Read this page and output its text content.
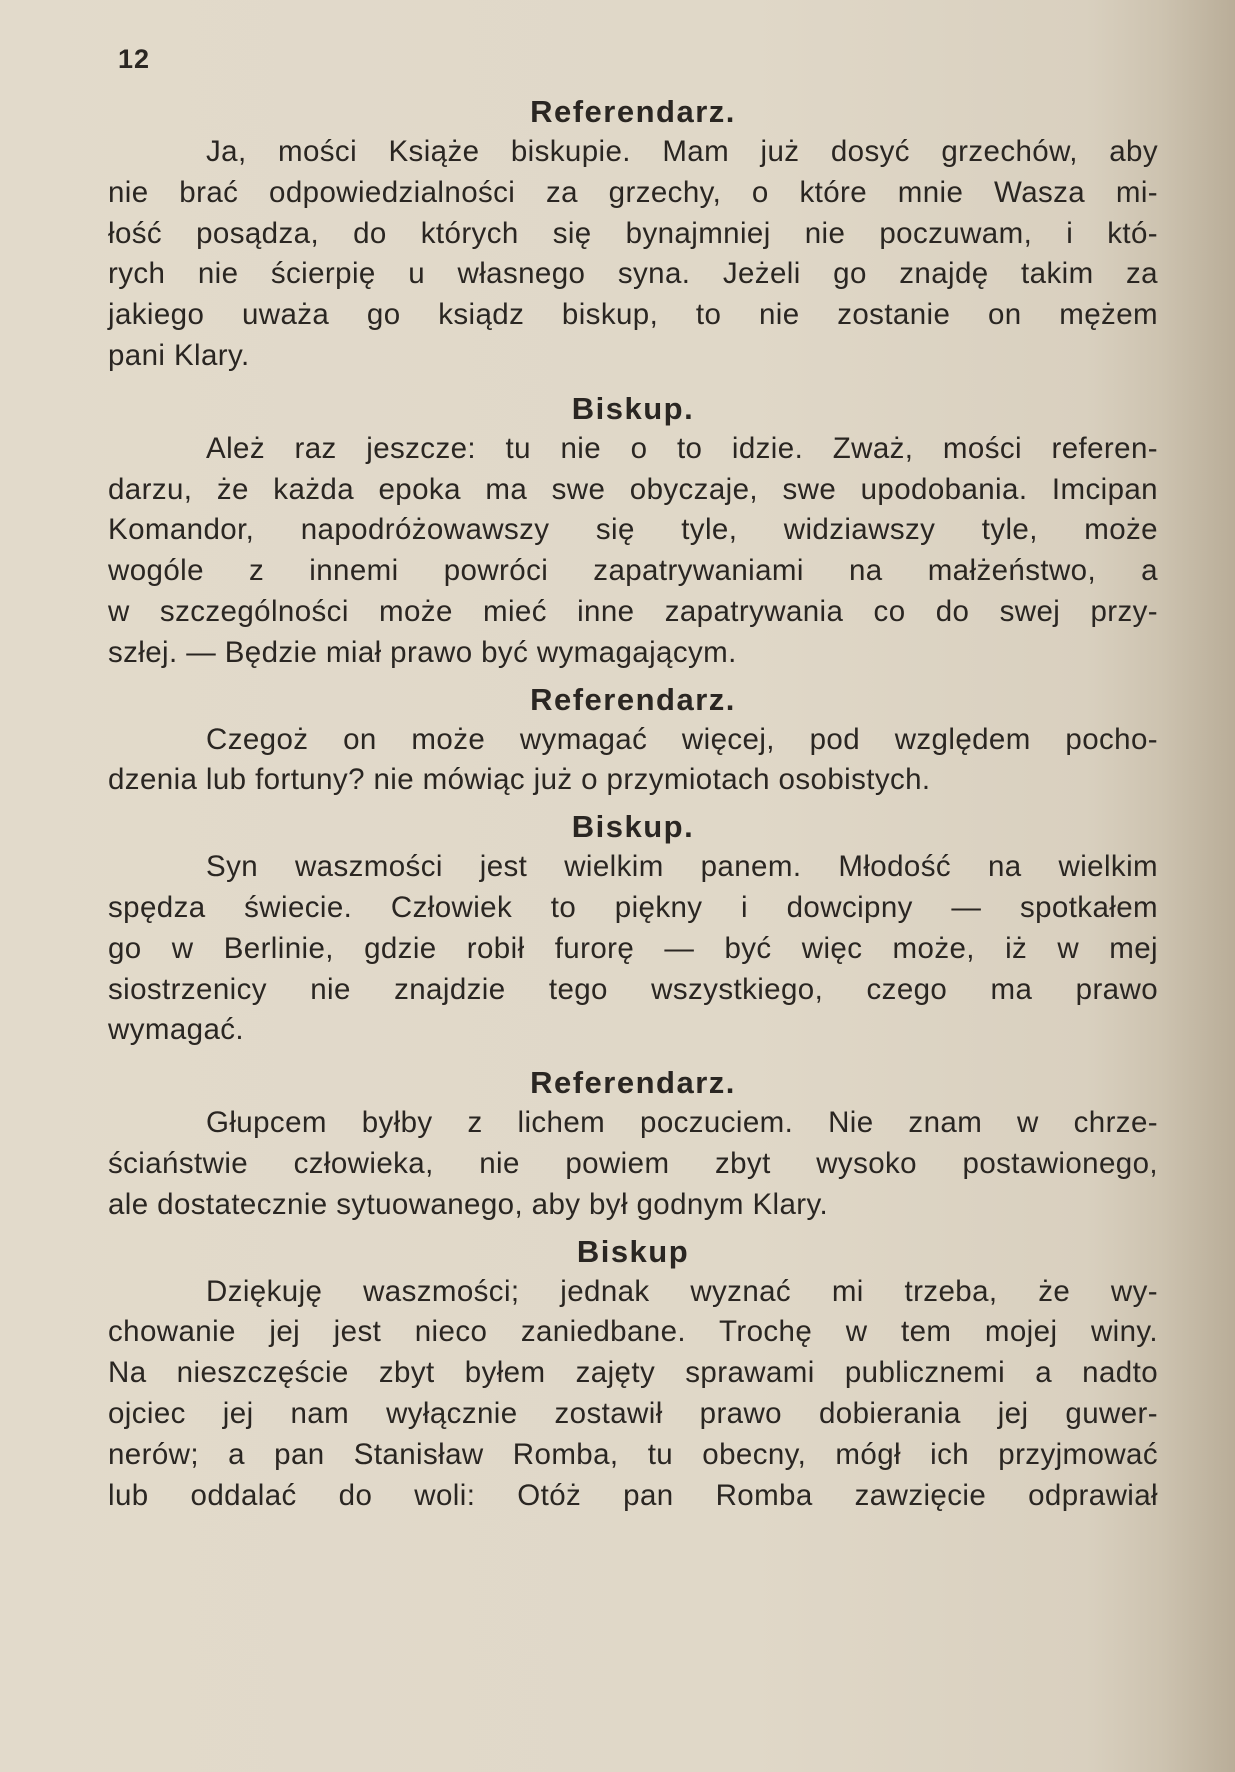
12
Referendarz.
Ja, mości Książe biskupie. Mam już dosyć grzechów, aby
nie brać odpowiedzialności za grzechy, o które mnie Wasza mi-
łość posądza, do których się bynajmniej nie poczuwam, i któ-
rych nie ścierpię u własnego syna. Jeżeli go znajdę takim za
jakiego uważa go ksiądz biskup, to nie zostanie on mężem
pani Klary.
Biskup.
Ależ raz jeszcze: tu nie o to idzie. Zważ, mości referen-
darzu, że każda epoka ma swe obyczaje, swe upodobania. Imcipan
Komandor, napodróżowawszy się tyle, widziawszy tyle, może
wogóle z innemi powróci zapatrywaniami na małżeństwo, a
w szczególności może mieć inne zapatrywania co do swej przy-
szłej. — Będzie miał prawo być wymagającym.
Referendarz.
Czegoż on może wymagać więcej, pod względem pocho-
dzenia lub fortuny? nie mówiąc już o przymiotach osobistych.
Biskup.
Syn waszmości jest wielkim panem. Młodość na wielkim
spędza świecie. Człowiek to piękny i dowcipny — spotkałem
go w Berlinie, gdzie robił furorę — być więc może, iż w mej
siostrzenicy nie znajdzie tego wszystkiego, czego ma prawo
wymagać.
Referendarz.
Głupcem byłby z lichem poczuciem. Nie znam w chrze-
ściaństwie człowieka, nie powiem zbyt wysoko postawionego,
ale dostatecznie sytuowanego, aby był godnym Klary.
Biskup
Dziękuję waszmości; jednak wyznać mi trzeba, że wy-
chowanie jej jest nieco zaniedbane. Trochę w tem mojej winy.
Na nieszczęście zbyt byłem zajęty sprawami publicznemi a nadto
ojciec jej nam wyłącznie zostawił prawo dobierania jej guwer-
nerów; a pan Stanisław Romba, tu obecny, mógł ich przyjmować
lub oddalać do woli: Otóż pan Romba zawzięcie odprawiał
